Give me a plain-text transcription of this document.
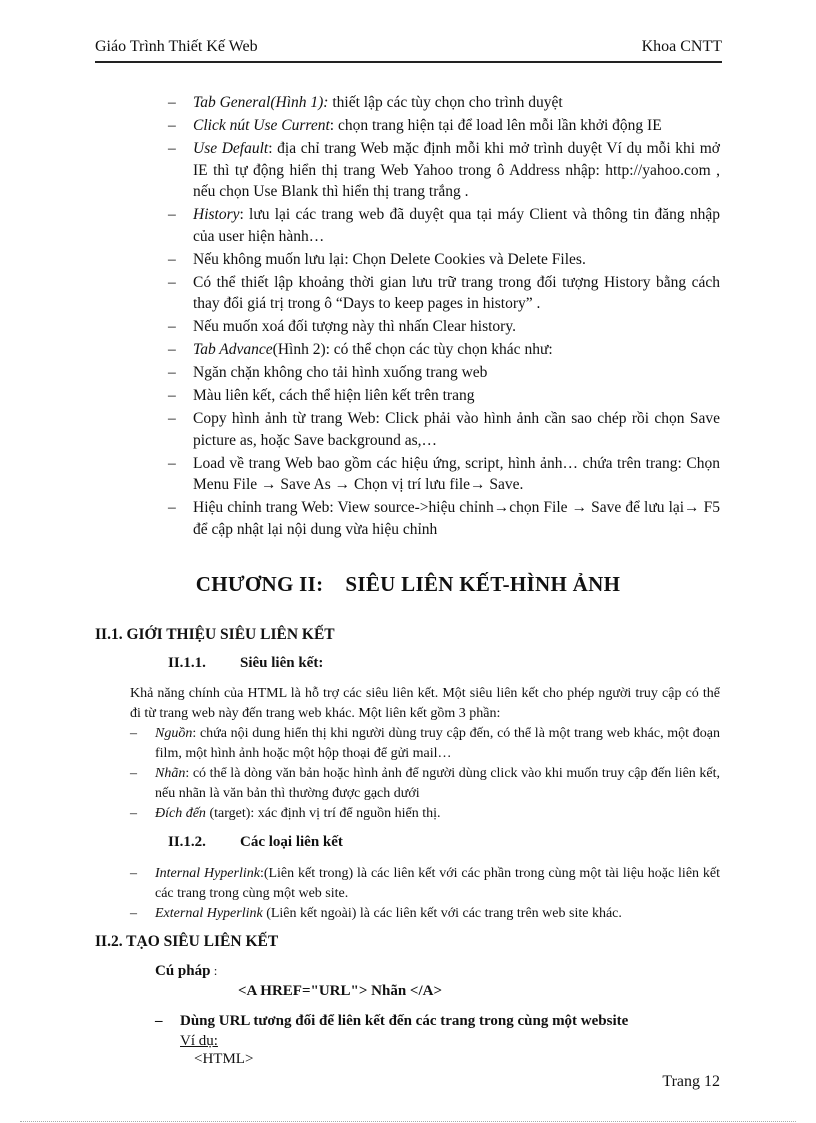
Giáo Trình Thiết Kế Web	Khoa CNTT
– Tab General(Hình 1): thiết lập các tùy chọn cho trình duyệt
– Click nút Use Current: chọn trang hiện tại để load lên mỗi lần khởi động IE
– Use Default: địa chỉ trang Web mặc định mỗi khi mở trình duyệt Ví dụ mỗi khi mở IE thì tự động hiển thị trang Web Yahoo trong ô Address nhập: http://yahoo.com , nếu chọn Use Blank thì hiển thị trang trắng .
– History: lưu lại các trang web đã duyệt qua tại máy Client và thông tin đăng nhập của user hiện hành…
– Nếu không muốn lưu lại: Chọn Delete Cookies và Delete Files.
– Có thể thiết lập khoảng thời gian lưu trữ trang trong đối tượng History bằng cách thay đổi giá trị trong ô “Days to keep pages in history” .
– Nếu muốn xoá đối tượng này thì nhấn Clear history.
– Tab Advance(Hình 2): có thể chọn các tùy chọn khác như:
– Ngăn chặn không cho tải hình xuống trang web
– Màu liên kết, cách thể hiện liên kết trên trang
– Copy hình ảnh từ trang Web: Click phải vào hình ảnh cần sao chép rồi chọn Save picture as, hoặc Save background as,…
– Load về trang Web bao gồm các hiệu ứng, script, hình ảnh… chứa trên trang: Chọn Menu File → Save As → Chọn vị trí lưu file→ Save.
– Hiệu chỉnh trang Web: View source->hiệu chỉnh→chọn File → Save để lưu lại→ F5 để cập nhật lại nội dung vừa hiệu chỉnh
CHƯƠNG II: SIÊU LIÊN KẾT-HÌNH ẢNH
II.1. GIỚI THIỆU SIÊU LIÊN KẾT
II.1.1. Siêu liên kết:
Khả năng chính của HTML là hỗ trợ các siêu liên kết. Một siêu liên kết cho phép người truy cập có thể đi từ trang web này đến trang web khác. Một liên kết gồm 3 phần:
– Nguồn: chứa nội dung hiển thị khi người dùng truy cập đến, có thể là một trang web khác, một đoạn film, một hình ảnh hoặc một hộp thoại để gửi mail…
– Nhãn: có thể là dòng văn bản hoặc hình ảnh để người dùng click vào khi muốn truy cập đến liên kết, nếu nhãn là văn bản thì thường được gạch dưới
– Đích đến (target): xác định vị trí để nguồn hiển thị.
II.1.2. Các loại liên kết
– Internal Hyperlink:(Liên kết trong) là các liên kết với các phần trong cùng một tài liệu hoặc liên kết các trang trong cùng một web site.
– External Hyperlink (Liên kết ngoài) là các liên kết với các trang trên web site khác.
II.2. TẠO SIÊU LIÊN KẾT
Cú pháp :
<A HREF="URL"> Nhãn </A>
– Dùng URL tương đối để liên kết đến các trang trong cùng một website
Ví dụ:
<HTML>
Trang 12
